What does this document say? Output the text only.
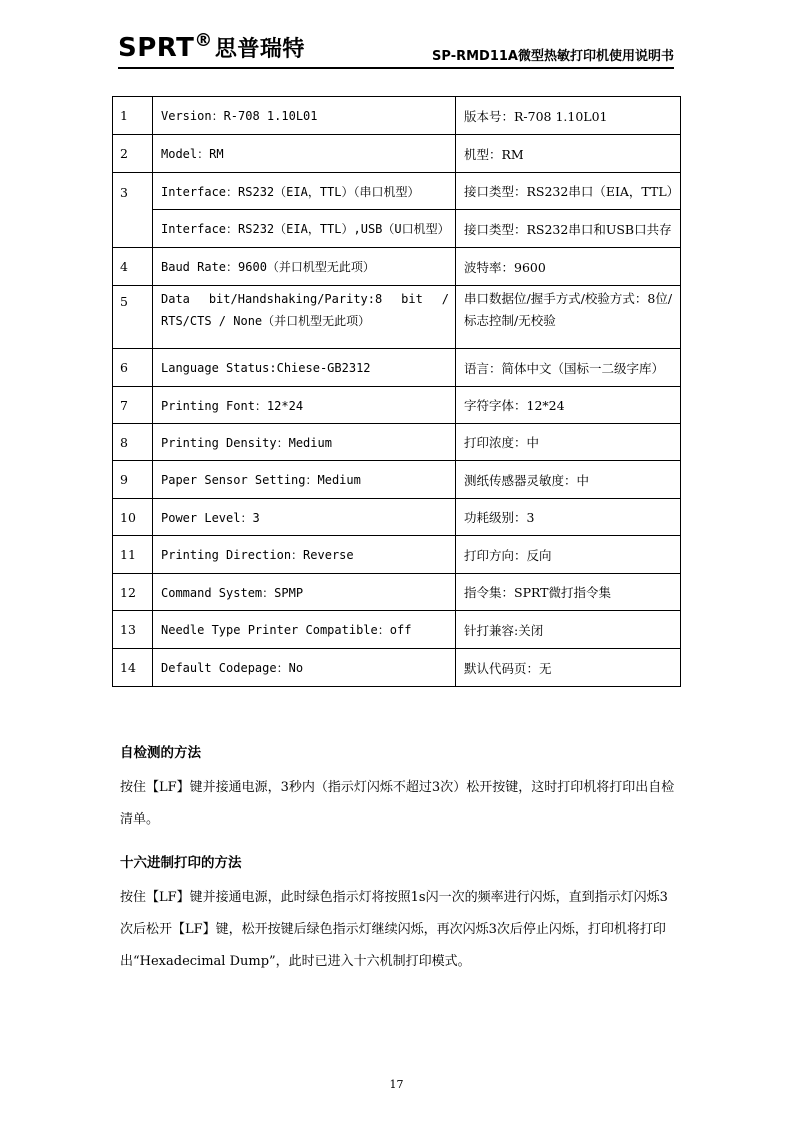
SPRT®思普瑞特	SP-RMD11A微型热敏打印机使用说明书
1	Version：R-708 1.10L01	版本号：R-708 1.10L01
2	Model：RM	机型：RM

3	Interface：RS232（EIA，TTL）（串口机型）	接口类型：RS232串口（EIA，TTL）
	Interface：RS232（EIA，TTL）,USB（U口机型）	接口类型：RS232串口和USB口共存
4	Baud Rate：9600（并口机型无此项）	波特率：9600
5	Data bit/Handshaking/Parity:8 bit / RTS/CTS / None（并口机型无此项）	串口数据位/握手方式/校验方式：8位/标志控制/无校验
6	Language Status:Chiese-GB2312	语言：简体中文（国标一二级字库）
7	Printing Font：12*24	字符字体：12*24
8	Printing Density：Medium	打印浓度：中
9	Paper Sensor Setting：Medium	测纸传感器灵敏度：中
10	Power Level：3	功耗级别：3
11	Printing Direction：Reverse	打印方向：反向
12	Command System：SPMP	指令集：SPRT微打指令集
13	Needle Type Printer Compatible：off	针打兼容:关闭
14	Default Codepage：No	默认代码页：无
自检测的方法
按住【LF】键并接通电源，3秒内（指示灯闪烁不超过3次）松开按键，这时打印机将打印出自检清单。
十六进制打印的方法
按住【LF】键并接通电源，此时绿色指示灯将按照1s闪一次的频率进行闪烁，直到指示灯闪烁3次后松开【LF】键，松开按键后绿色指示灯继续闪烁，再次闪烁3次后停止闪烁，打印机将打印出“Hexadecimal Dump”，此时已进入十六机制打印模式。
17
